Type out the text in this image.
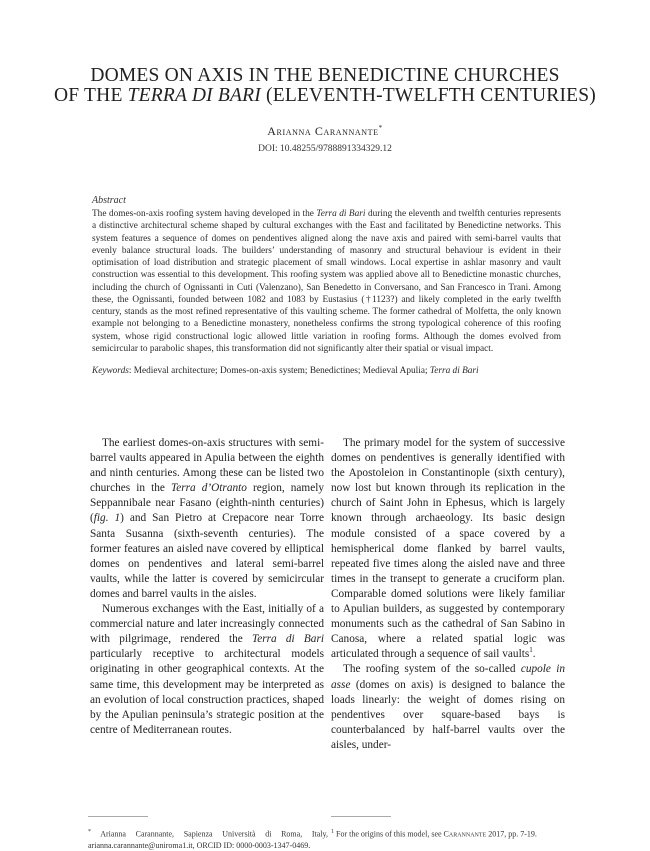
DOMES ON AXIS IN THE BENEDICTINE CHURCHES
OF THE TERRA DI BARI (ELEVENTH-TWELFTH CENTURIES)
Arianna Carannante*
DOI: 10.48255/9788891334329.12
Abstract
The domes-on-axis roofing system having developed in the Terra di Bari during the eleventh and twelfth centuries represents a distinctive architectural scheme shaped by cultural exchanges with the East and facilitated by Benedictine networks. This system features a sequence of domes on pendentives aligned along the nave axis and paired with semi-barrel vaults that evenly balance structural loads. The builders’ understanding of masonry and structural behaviour is evident in their optimisation of load distribution and strategic placement of small windows. Local expertise in ashlar masonry and vault construction was essential to this development. This roofing system was applied above all to Benedictine monastic churches, including the church of Ognissanti in Cuti (Valenzano), San Benedetto in Conversano, and San Francesco in Trani. Among these, the Ognissanti, founded between 1082 and 1083 by Eustasius (†1123?) and likely completed in the early twelfth century, stands as the most refined representative of this vaulting scheme. The former cathedral of Molfetta, the only known example not belonging to a Benedictine monastery, nonetheless confirms the strong typological coherence of this roofing system, whose rigid constructional logic allowed little variation in roofing forms. Although the domes evolved from semicircular to parabolic shapes, this transformation did not significantly alter their spatial or visual impact.
Keywords: Medieval architecture; Domes-on-axis system; Benedictines; Medieval Apulia; Terra di Bari

The earliest domes-on-axis structures with semi-barrel vaults appeared in Apulia between the eighth and ninth centuries. Among these can be listed two churches in the Terra d’Otranto region, namely Seppannibale near Fasano (eighth-ninth centuries) (fig. 1) and San Pietro at Crepacore near Torre Santa Susanna (sixth-seventh centuries). The former features an aisled nave covered by elliptical domes on pendentives and lateral semi-barrel vaults, while the latter is covered by semicircular domes and barrel vaults in the aisles.

Numerous exchanges with the East, initially of a commercial nature and later increasingly connected with pilgrimage, rendered the Terra di Bari particularly receptive to architectural models originating in other geographical contexts. At the same time, this development may be interpreted as an evolution of local construction practices, shaped by the Apulian peninsula’s strategic position at the centre of Mediterranean routes.

The primary model for the system of successive domes on pendentives is generally identified with the Apostoleion in Constantinople (sixth century), now lost but known through its replication in the church of Saint John in Ephesus, which is largely known through archaeology. Its basic design module consisted of a space covered by a hemispherical dome flanked by barrel vaults, repeated five times along the aisled nave and three times in the transept to generate a cruciform plan. Comparable domed solutions were likely familiar to Apulian builders, as suggested by contemporary monuments such as the cathedral of San Sabino in Canosa, where a related spatial logic was articulated through a sequence of sail vaults$^1$.

The roofing system of the so-called cupole in asse (domes on axis) is designed to balance the loads linearly: the weight of domes rising on pendentives over square-based bays is counterbalanced by half-barrel vaults over the aisles, under-

* Arianna Carannante, Sapienza Università di Roma, Italy, arianna.carannante@uniroma1.it, ORCID ID: 0000-0003-1347-0469.
$^1$ For the origins of this model, see Carannante 2017, pp. 7-19.
